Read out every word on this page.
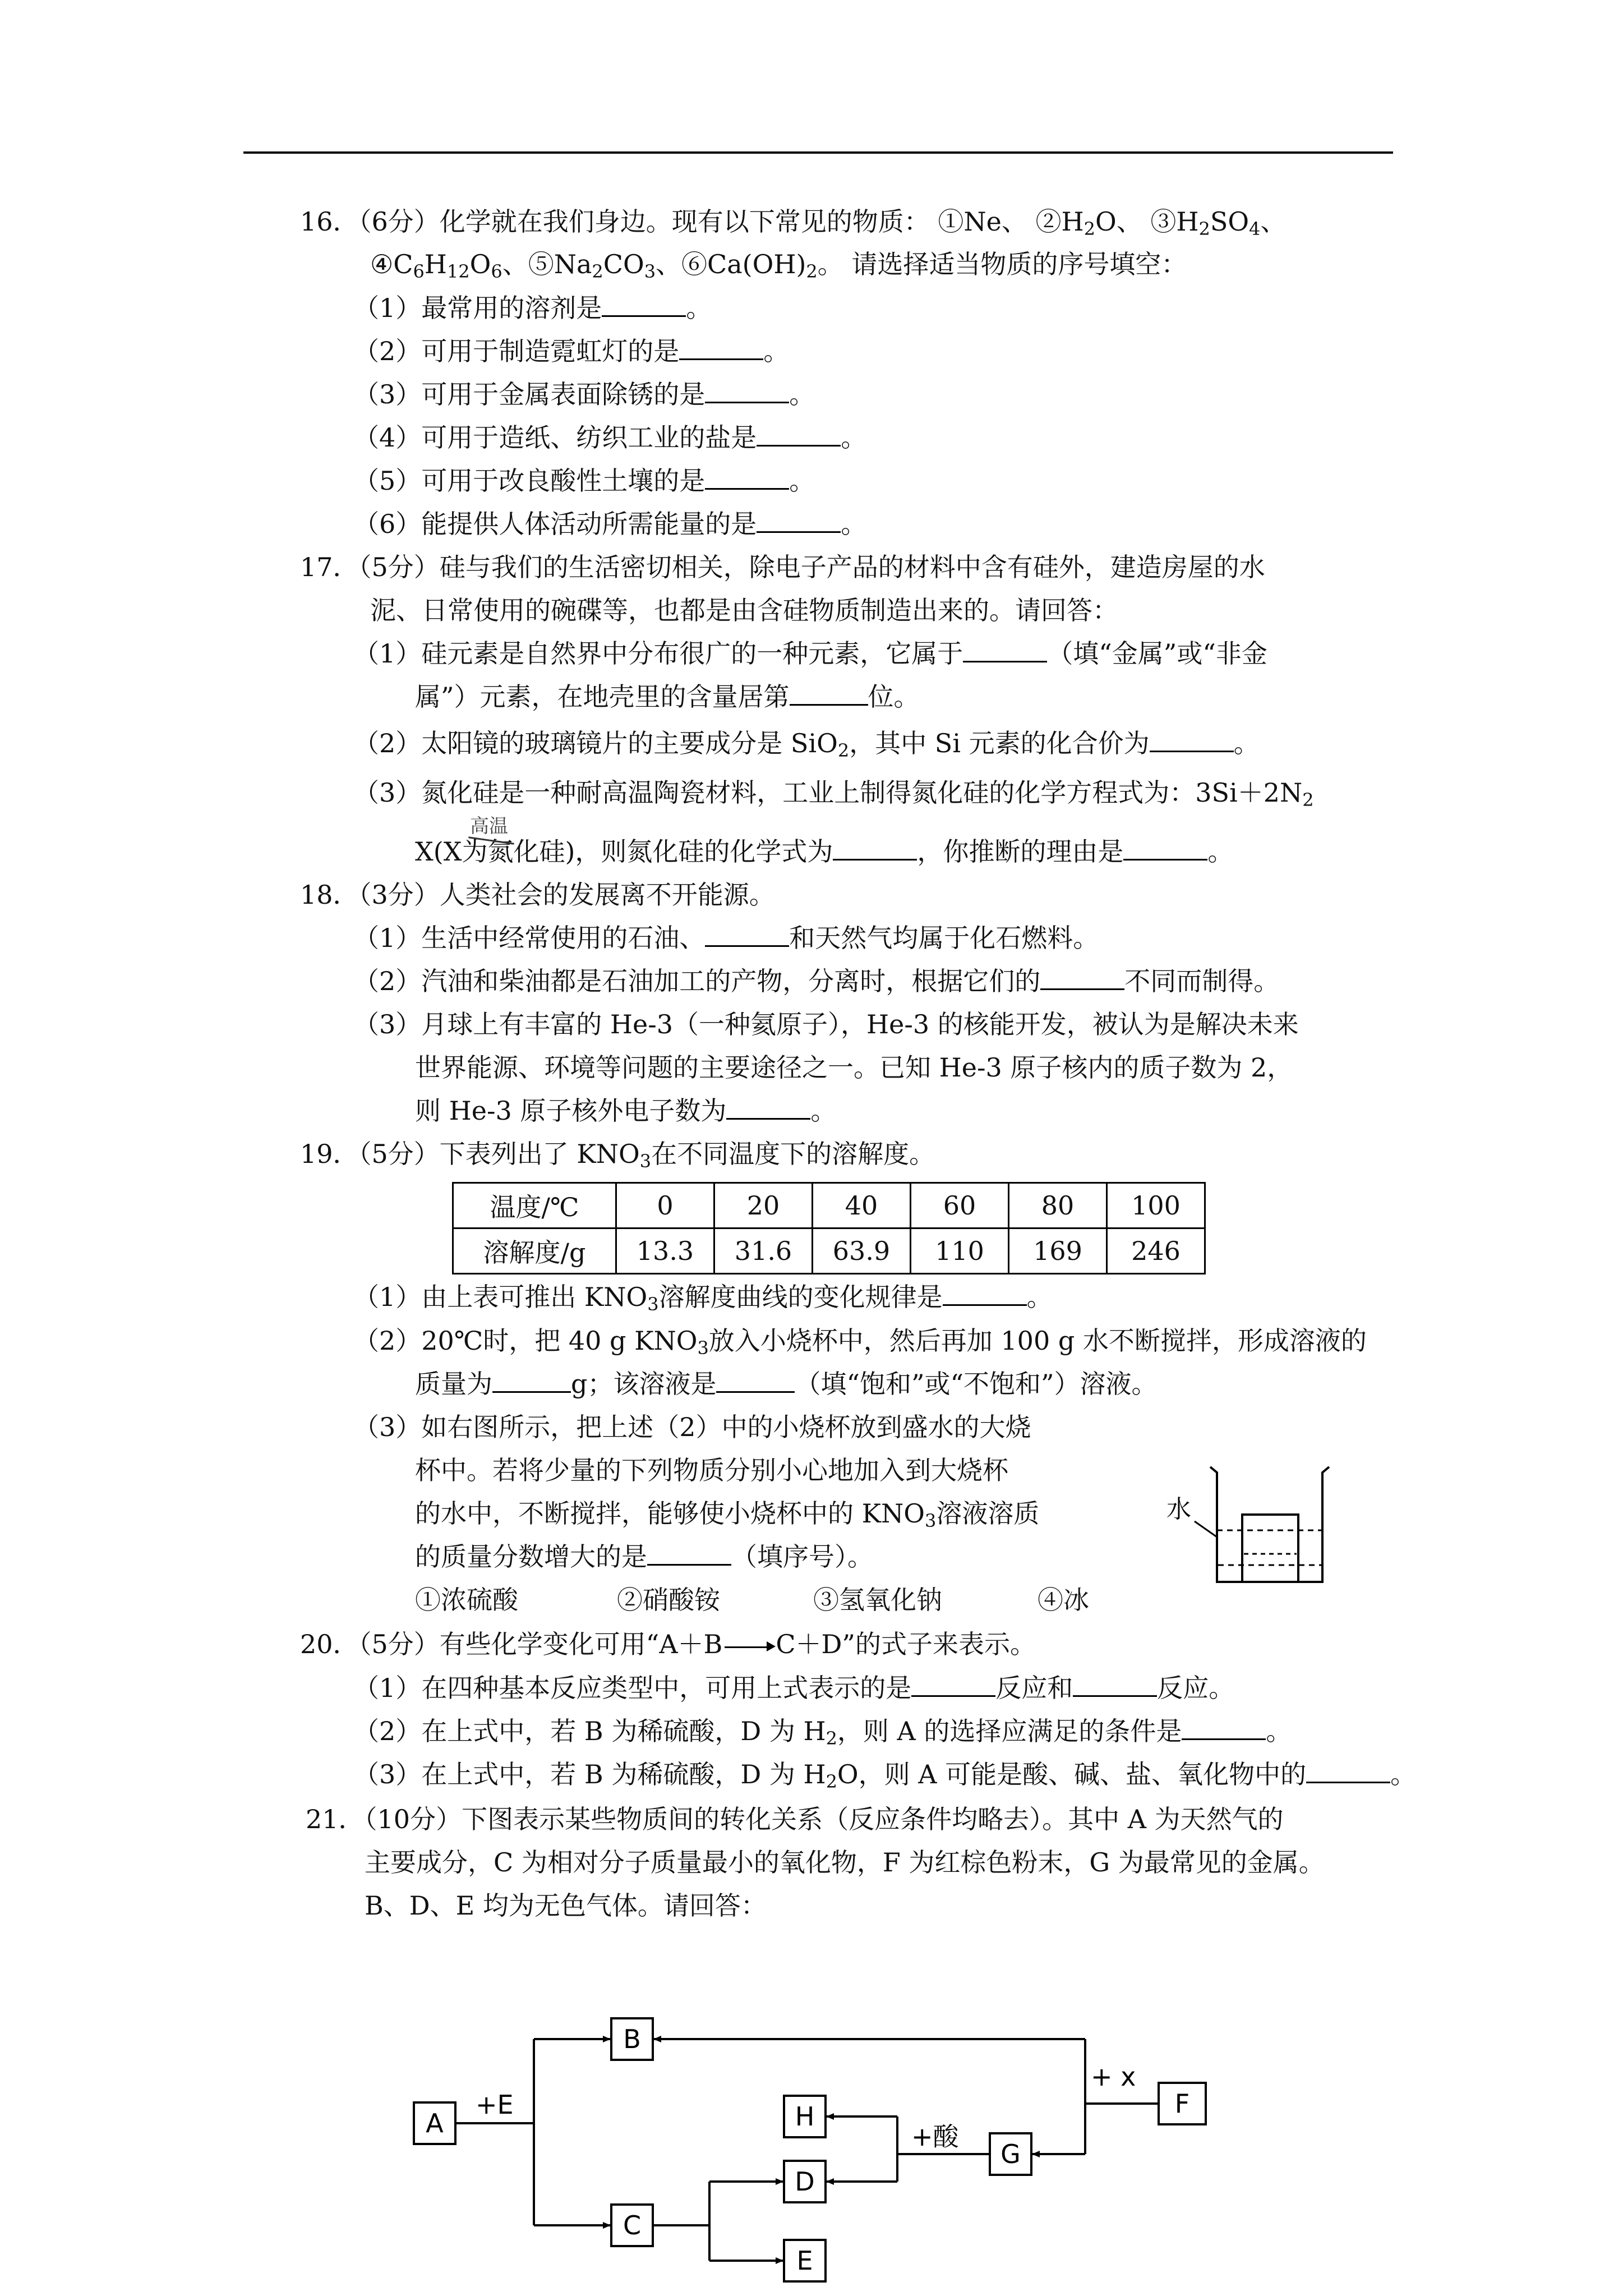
16．（6分）化学就在我们身边。现有以下常见的物质： ①Ne、 $②H_2O$、 $③H_2SO_4$、
$④C_6H_{12}O_6$、$⑤Na_2CO_3$、$⑥Ca(OH)_2$。 请选择适当物质的序号填空：
（1）最常用的溶剂是	。
（2）可用于制造霓虹灯的是	。
（3）可用于金属表面除锈的是	。
（4）可用于造纸、纺织工业的盐是	。
（5）可用于改良酸性土壤的是	。
（6）能提供人体活动所需能量的是	。
17．（5分）硅与我们的生活密切相关，除电子产品的材料中含有硅外，建造房屋的水
泥、日常使用的碗碟等，也都是由含硅物质制造出来的。请回答：
（1）硅元素是自然界中分布很广的一种元素，它属于	（填“金属”或“非金
属”）元素，在地壳里的含量居第	位。
（2）太阳镜的玻璃镜片的主要成分是 SiO$_2$，其中 Si 元素的化合价为	。
（3）氮化硅是一种耐高温陶瓷材料，工业上制得氮化硅的化学方程式为：$3Si+2N_2$
X(X为氮化硅)，则氮化硅的化学式为	，你推断的理由是	。
高温
18．（3分）人类社会的发展离不开能源。
（1）生活中经常使用的石油、	和天然气均属于化石燃料。
（2）汽油和柴油都是石油加工的产物，分离时，根据它们的	不同而制得。
（3）月球上有丰富的 He-3（一种氦原子），He-3 的核能开发，被认为是解决未来
世界能源、环境等问题的主要途径之一。已知 He-3 原子核内的质子数为 2，
则 He-3 原子核外电子数为	。
19．（5分）下表列出了 $KNO_3$在不同温度下的溶解度。
温度/℃	0	20	40	60	80	100
溶解度/g	13.3	31.6	63.9	110	169	246
（1）由上表可推出 $KNO_3$溶解度曲线的变化规律是	。
（2）20℃时，把 40 g $KNO_3$放入小烧杯中，然后再加 100 g 水不断搅拌，形成溶液的
质量为	g；该溶液是	（填“饱和”或“不饱和”）溶液。
（3）如右图所示，把上述（2）中的小烧杯放到盛水的大烧
杯中。若将少量的下列物质分别小心地加入到大烧杯
的水中，不断搅拌，能够使小烧杯中的 $KNO_3$溶液溶质
的质量分数增大的是	（填序号）。
①浓硫酸	②硝酸铵	③氢氧化钠	④冰
水
20．（5分）有些化学变化可用“A＋B C＋D”的式子来表示。
（1）在四种基本反应类型中，可用上式表示的是	反应和	反应。
（2）在上式中，若 B 为稀硫酸，D 为 $H_2$，则 A 的选择应满足的条件是	。
（3）在上式中，若 B 为稀硫酸，D 为 $H_2O$，则 A 可能是酸、碱、盐、氧化物中的	。
21．（10分）下图表示某些物质间的转化关系（反应条件均略去）。其中 A 为天然气的
主要成分，C 为相对分子质量最小的氧化物，F 为红棕色粉末，G 为最常见的金属。
B、D、E 均为无色气体。请回答：
A
B
C
H
D
E
G
F
+E
+ x
+酸
